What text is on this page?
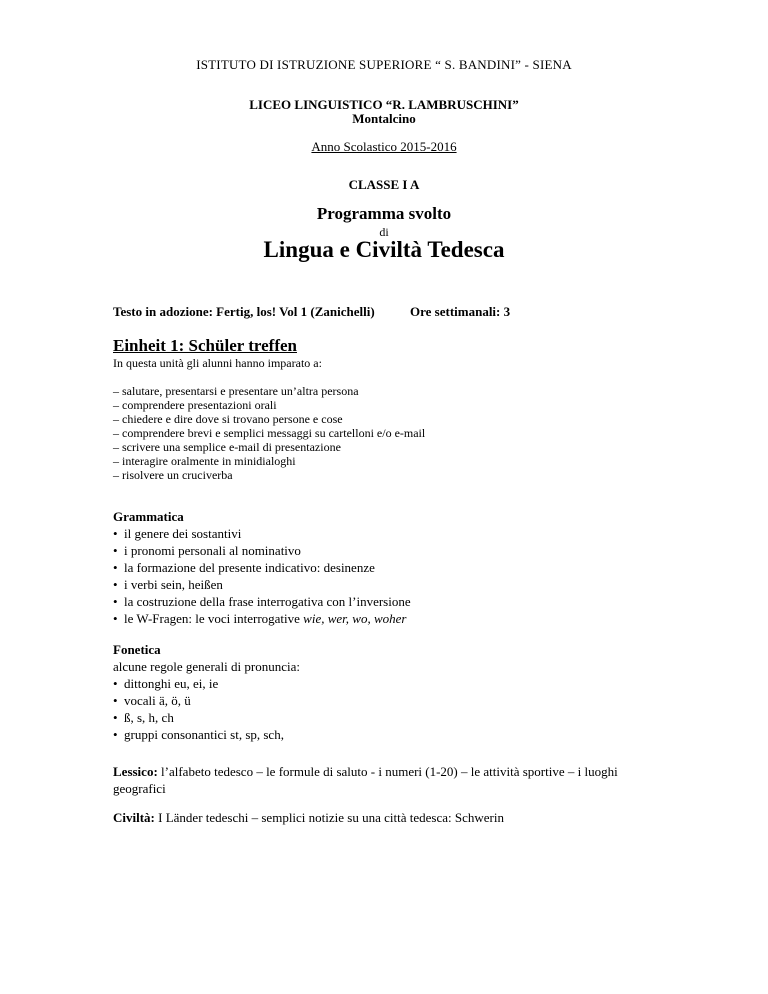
ISTITUTO DI ISTRUZIONE SUPERIORE “ S. BANDINI” - SIENA
LICEO LINGUISTICO “R. LAMBRUSCHINI”
Montalcino
Anno Scolastico 2015-2016
CLASSE I A
Programma svolto
di
Lingua e Civiltà Tedesca
Testo in adozione: Fertig, los! Vol 1 (Zanichelli)	Ore settimanali: 3
Einheit 1: Schüler treffen
In questa unità gli alunni hanno imparato a:
– salutare, presentarsi e presentare un’altra persona
– comprendere presentazioni orali
– chiedere e dire dove si trovano persone e cose
– comprendere brevi e semplici messaggi su cartelloni e/o e-mail
– scrivere una semplice e-mail di presentazione
– interagire oralmente in minidialoghi
– risolvere un cruciverba
Grammatica
• il genere dei sostantivi
• i pronomi personali al nominativo
• la formazione del presente indicativo: desinenze
• i verbi sein, heißen
• la costruzione della frase interrogativa con l’inversione
• le W-Fragen: le voci interrogative wie, wer, wo, woher
Fonetica
alcune regole generali di pronuncia:
• dittonghi eu, ei, ie
• vocali ä, ö, ü
• ß, s, h, ch
• gruppi consonantici st, sp, sch,
Lessico: l’alfabeto tedesco – le formule di saluto - i numeri (1-20) – le attività sportive – i luoghi geografici
Civiltà: I Länder tedeschi – semplici notizie su una città tedesca: Schwerin
